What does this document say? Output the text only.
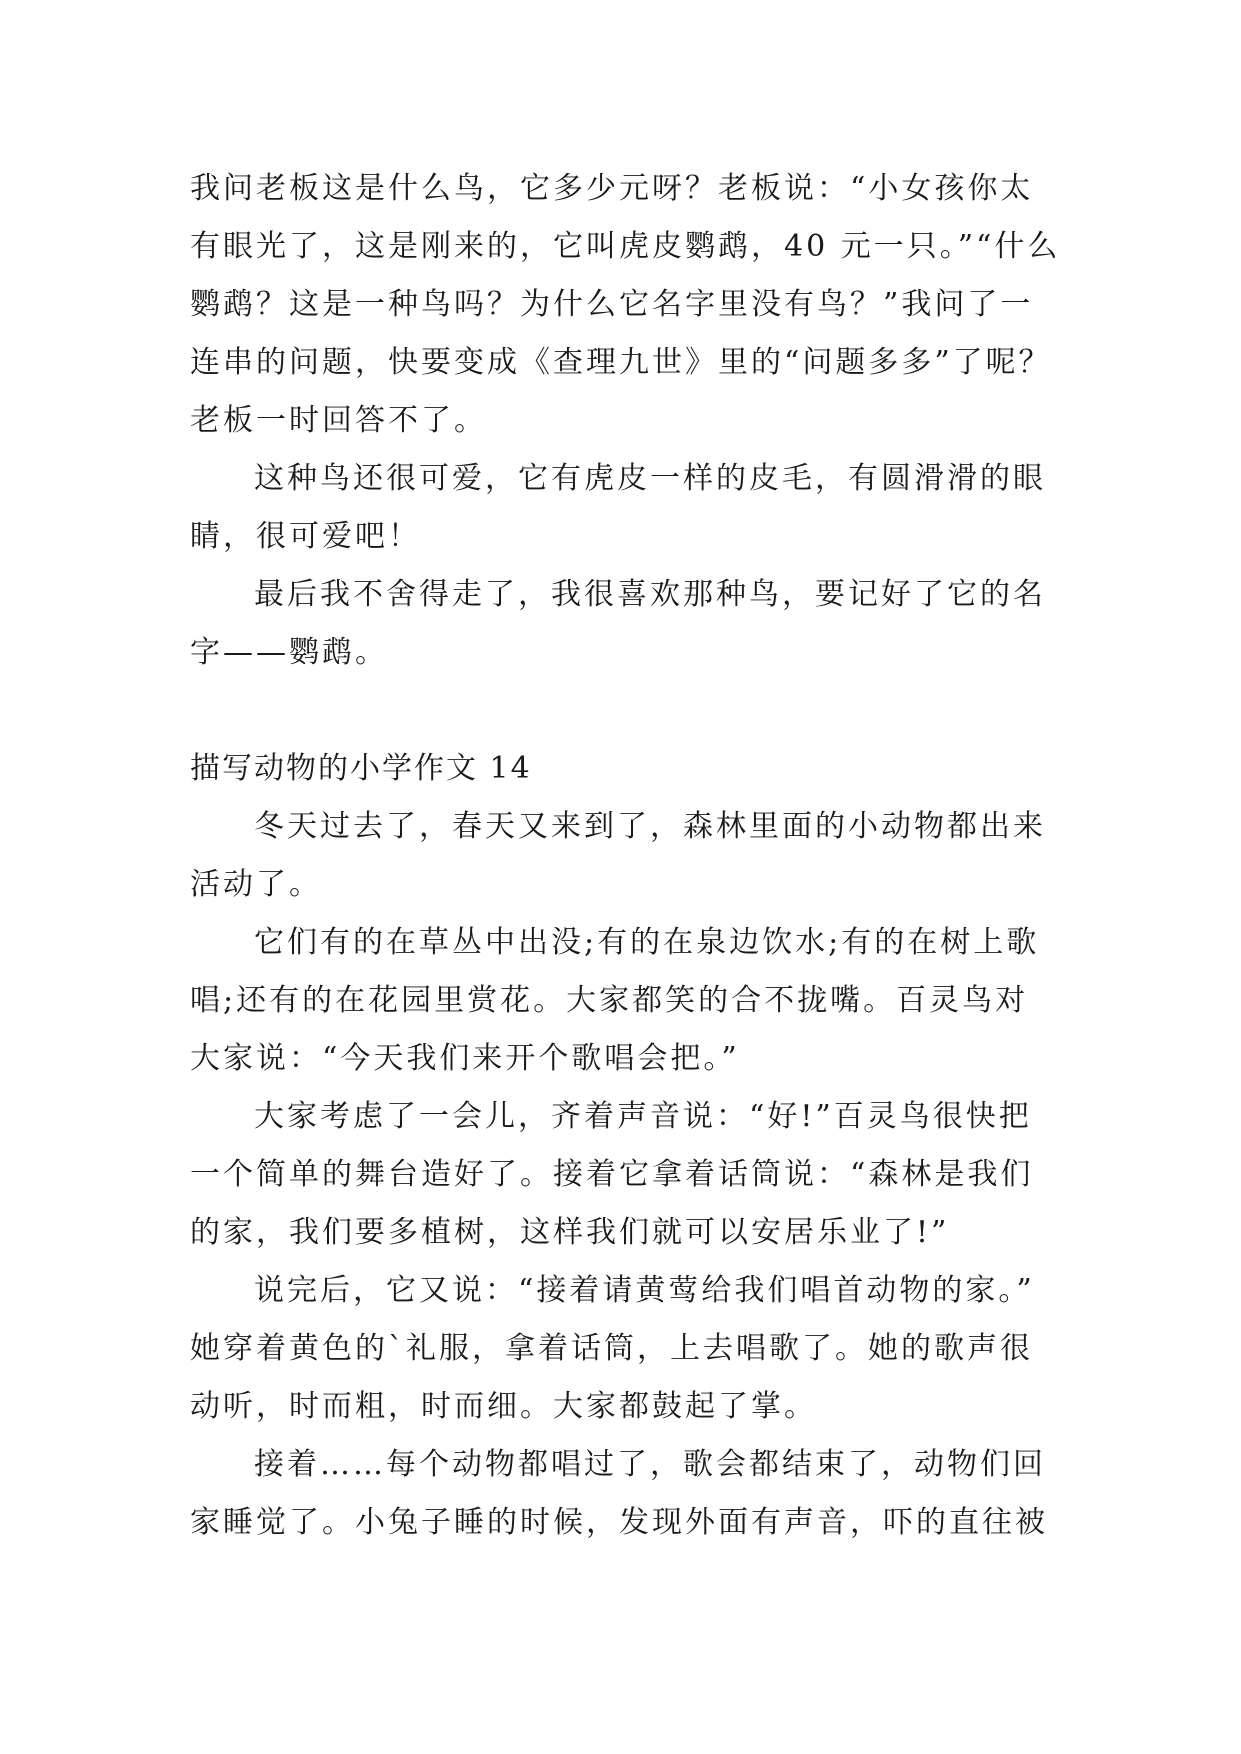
我问老板这是什么鸟，它多少元呀？老板说：“小女孩你太
有眼光了，这是刚来的，它叫虎皮鹦鹉，40 元一只。”“什么
鹦鹉？这是一种鸟吗？为什么它名字里没有鸟？”我问了一
连串的问题，快要变成《查理九世》里的“问题多多”了呢？
老板一时回答不了。
这种鸟还很可爱，它有虎皮一样的皮毛，有圆滑滑的眼
睛，很可爱吧！
最后我不舍得走了，我很喜欢那种鸟，要记好了它的名
字——鹦鹉。
描写动物的小学作文 14
冬天过去了，春天又来到了，森林里面的小动物都出来
活动了。
它们有的在草丛中出没;有的在泉边饮水;有的在树上歌
唱;还有的在花园里赏花。大家都笑的合不拢嘴。百灵鸟对
大家说：“今天我们来开个歌唱会把。”
大家考虑了一会儿，齐着声音说：“好!”百灵鸟很快把
一个简单的舞台造好了。接着它拿着话筒说：“森林是我们
的家，我们要多植树，这样我们就可以安居乐业了!”
说完后，它又说：“接着请黄莺给我们唱首动物的家。”
她穿着黄色的`礼服，拿着话筒，上去唱歌了。她的歌声很
动听，时而粗，时而细。大家都鼓起了掌。
接着……每个动物都唱过了，歌会都结束了，动物们回
家睡觉了。小兔子睡的时候，发现外面有声音，吓的直往被
